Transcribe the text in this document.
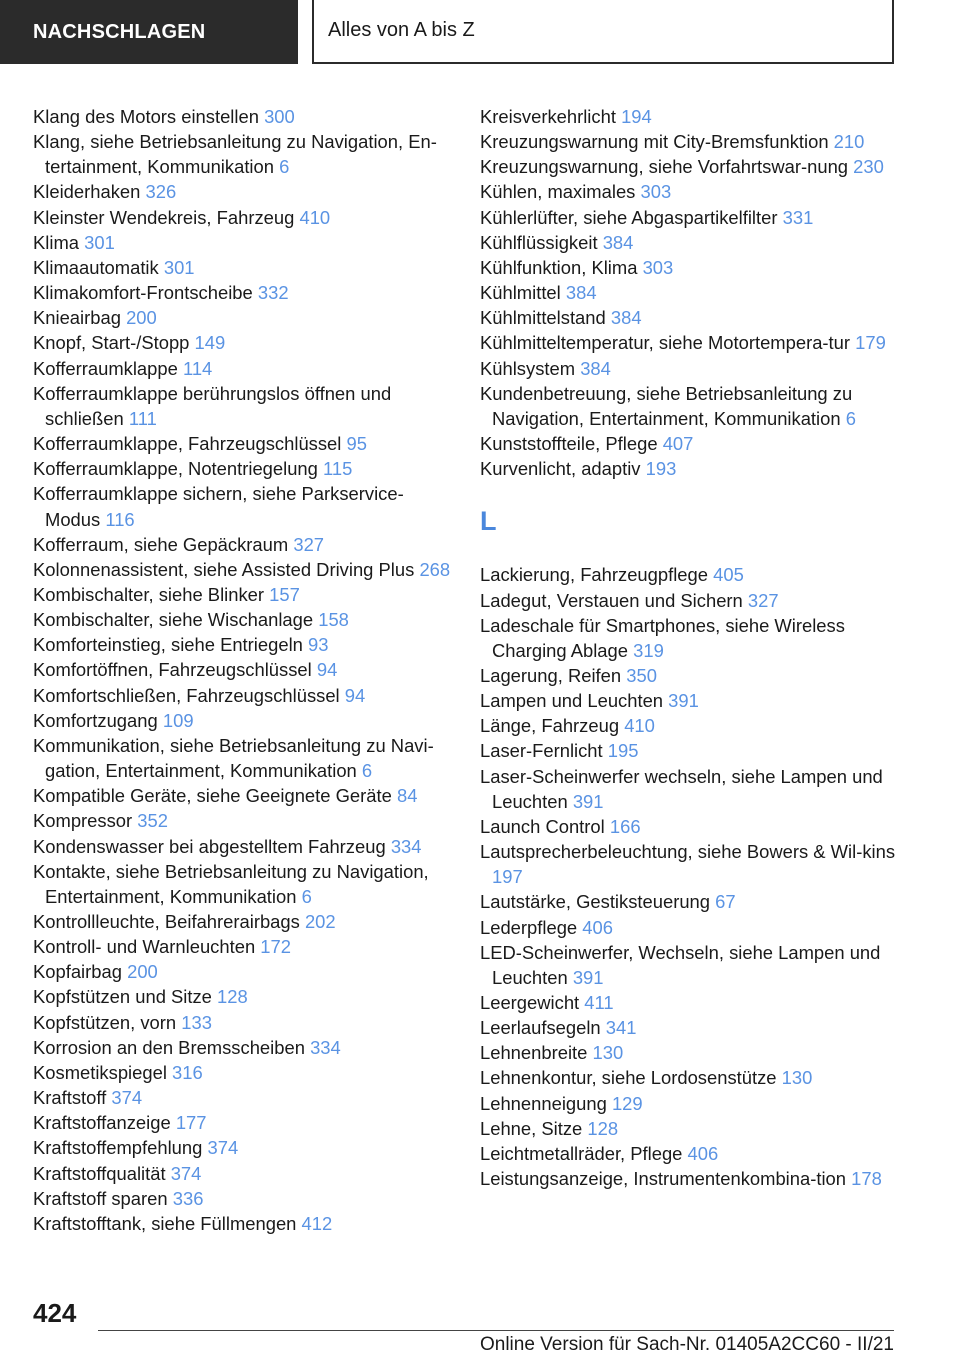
NACHSCHLAGEN	Alles von A bis Z
Klang des Motors einstellen 300
Klang, siehe Betriebsanleitung zu Navigation, En-tertainment, Kommunikation 6
Kleiderhaken 326
Kleinster Wendekreis, Fahrzeug 410
Klima 301
Klimaautomatik 301
Klimakomfort-Frontscheibe 332
Knieairbag 200
Knopf, Start-/Stopp 149
Kofferraumklappe 114
Kofferraumklappe berührungslos öffnen und schließen 111
Kofferraumklappe, Fahrzeugschlüssel 95
Kofferraumklappe, Notentriegelung 115
Kofferraumklappe sichern, siehe Parkservice-Modus 116
Kofferraum, siehe Gepäckraum 327
Kolonnenassistent, siehe Assisted Driving Plus 268
Kombischalter, siehe Blinker 157
Kombischalter, siehe Wischanlage 158
Komforteinstieg, siehe Entriegeln 93
Komfortöffnen, Fahrzeugschlüssel 94
Komfortschließen, Fahrzeugschlüssel 94
Komfortzugang 109
Kommunikation, siehe Betriebsanleitung zu Navi-gation, Entertainment, Kommunikation 6
Kompatible Geräte, siehe Geeignete Geräte 84
Kompressor 352
Kondenswasser bei abgestelltem Fahrzeug 334
Kontakte, siehe Betriebsanleitung zu Navigation, Entertainment, Kommunikation 6
Kontrollleuchte, Beifahrerairbags 202
Kontroll- und Warnleuchten 172
Kopfairbag 200
Kopfstützen und Sitze 128
Kopfstützen, vorn 133
Korrosion an den Bremsscheiben 334
Kosmetikspiegel 316
Kraftstoff 374
Kraftstoffanzeige 177
Kraftstoffempfehlung 374
Kraftstoffqualität 374
Kraftstoff sparen 336
Kraftstofftank, siehe Füllmengen 412
Kreisverkehrlicht 194
Kreuzungswarnung mit City-Bremsfunktion 210
Kreuzungswarnung, siehe Vorfahrtswar-nung 230
Kühlen, maximales 303
Kühlerlüfter, siehe Abgaspartikelfilter 331
Kühlflüssigkeit 384
Kühlfunktion, Klima 303
Kühlmittel 384
Kühlmittelstand 384
Kühlmitteltemperatur, siehe Motortempera-tur 179
Kühlsystem 384
Kundenbetreuung, siehe Betriebsanleitung zu Navigation, Entertainment, Kommunikation 6
Kunststoffteile, Pflege 407
Kurvenlicht, adaptiv 193
L
Lackierung, Fahrzeugpflege 405
Ladegut, Verstauen und Sichern 327
Ladeschale für Smartphones, siehe Wireless Charging Ablage 319
Lagerung, Reifen 350
Lampen und Leuchten 391
Länge, Fahrzeug 410
Laser-Fernlicht 195
Laser-Scheinwerfer wechseln, siehe Lampen und Leuchten 391
Launch Control 166
Lautsprecherbeleuchtung, siehe Bowers & Wil-kins 197
Lautstärke, Gestiksteuerung 67
Lederpflege 406
LED-Scheinwerfer, Wechseln, siehe Lampen und Leuchten 391
Leergewicht 411
Leerlaufsegeln 341
Lehnenbreite 130
Lehnenkontur, siehe Lordosenstütze 130
Lehnenneigung 129
Lehne, Sitze 128
Leichtmetallräder, Pflege 406
Leistungsanzeige, Instrumentenkombina-tion 178
424
Online Version für Sach-Nr. 01405A2CC60 - II/21
